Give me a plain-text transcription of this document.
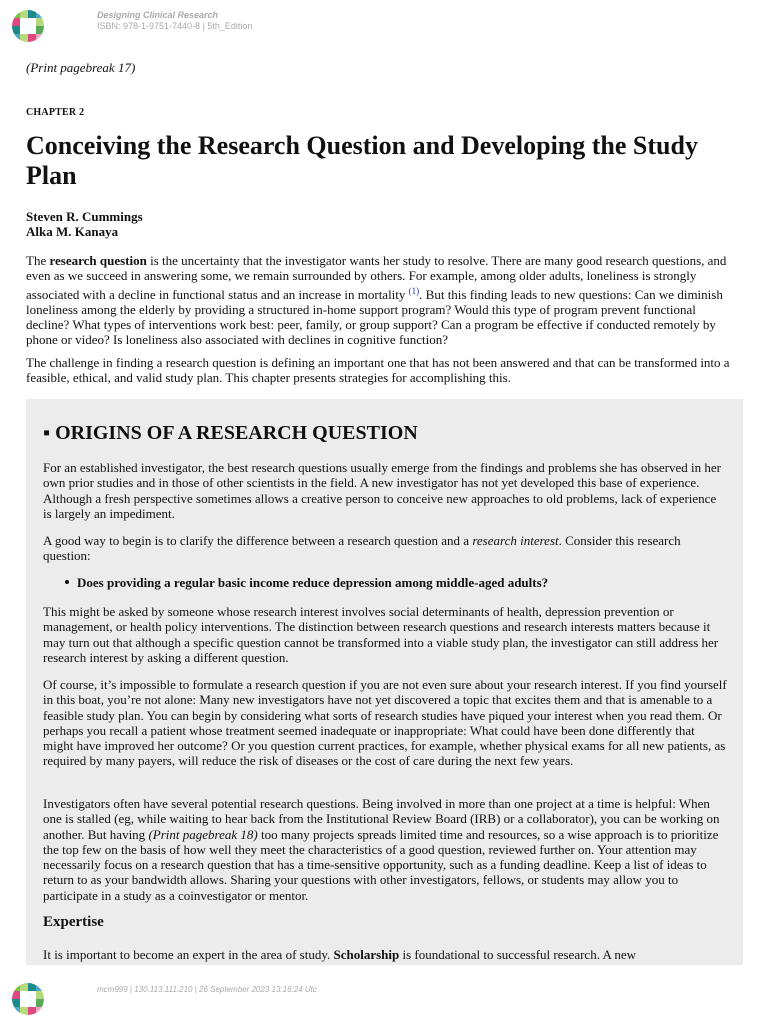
Designing Clinical Research
ISBN: 978-1-9751-7440-8 | 5th_Edition
(Print pagebreak 17)
CHAPTER 2
Conceiving the Research Question and Developing the Study Plan
Steven R. Cummings
Alka M. Kanaya

The research question is the uncertainty that the investigator wants her study to resolve. There are many good research questions, and even as we succeed in answering some, we remain surrounded by others. For example, among older adults, loneliness is strongly associated with a decline in functional status and an increase in mortality $^{(1)}$. But this finding leads to new questions: Can we diminish loneliness among the elderly by providing a structured in-home support program? Would this type of program prevent functional decline? What types of interventions work best: peer, family, or group support? Can a program be effective if conducted remotely by phone or video? Is loneliness also associated with declines in cognitive function?

The challenge in finding a research question is defining an important one that has not been answered and that can be transformed into a feasible, ethical, and valid study plan. This chapter presents strategies for accomplishing this.

▪ ORIGINS OF A RESEARCH QUESTION

For an established investigator, the best research questions usually emerge from the findings and problems she has observed in her own prior studies and in those of other scientists in the field. A new investigator has not yet developed this base of experience. Although a fresh perspective sometimes allows a creative person to conceive new approaches to old problems, lack of experience is largely an impediment.

A good way to begin is to clarify the difference between a research question and a research interest. Consider this research question:

Does providing a regular basic income reduce depression among middle-aged adults?

This might be asked by someone whose research interest involves social determinants of health, depression prevention or management, or health policy interventions. The distinction between research questions and research interests matters because it may turn out that although a specific question cannot be transformed into a viable study plan, the investigator can still address her research interest by asking a different question.

Of course, it’s impossible to formulate a research question if you are not even sure about your research interest. If you find yourself in this boat, you’re not alone: Many new investigators have not yet discovered a topic that excites them and that is amenable to a feasible study plan. You can begin by considering what sorts of research studies have piqued your interest when you read them. Or perhaps you recall a patient whose treatment seemed inadequate or inappropriate: What could have been done differently that might have improved her outcome? Or you question current practices, for example, whether physical exams for all new patients, as required by many payers, will reduce the risk of diseases or the cost of care during the next few years.

Investigators often have several potential research questions. Being involved in more than one project at a time is helpful: When one is stalled (eg, while waiting to hear back from the Institutional Review Board (IRB) or a collaborator), you can be working on another. But having (Print pagebreak 18) too many projects spreads limited time and resources, so a wise approach is to prioritize the top few on the basis of how well they meet the characteristics of a good question, reviewed further on. Your attention may necessarily focus on a research question that has a time-sensitive opportunity, such as a funding deadline. Keep a list of ideas to return to as your bandwidth allows. Sharing your questions with other investigators, fellows, or students may allow you to participate in a study as a coinvestigator or mentor.

Expertise

It is important to become an expert in the area of study. Scholarship is foundational to successful research. A new

mcm999 | 130.113.111.210 | 26 September 2023 13:16:24 Utc
